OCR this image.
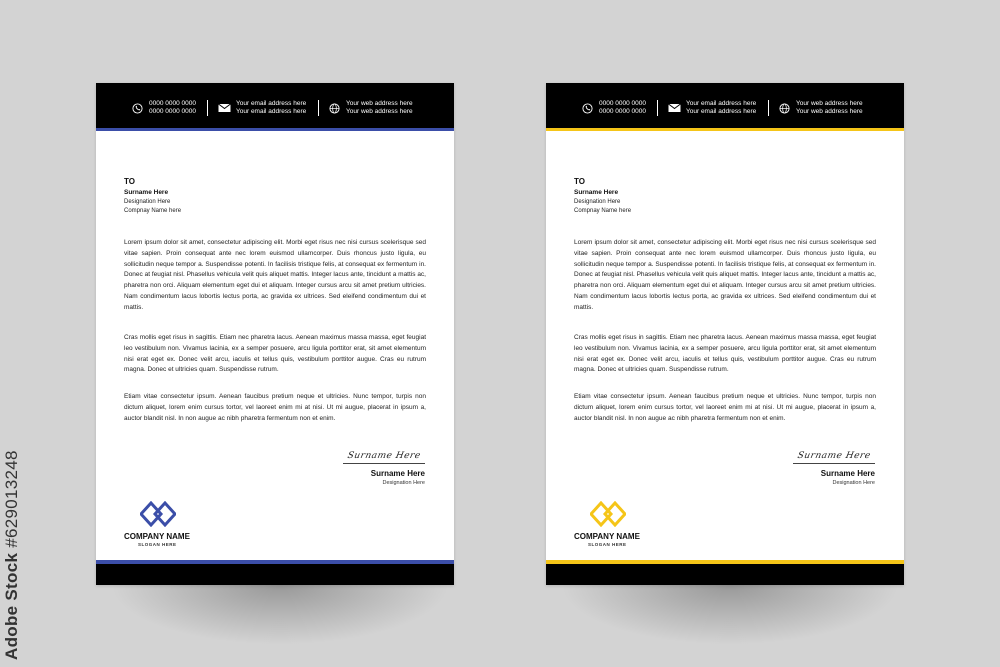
Adobe Stock #629013248
0000 0000 0000
0000 0000 0000
Your email address here
Your email address here
Your web address here
Your web address here
TO
Surname Here
Designation Here
Compnay Name here
Lorem ipsum dolor sit amet, consectetur adipiscing elit. Morbi eget risus nec nisi cursus scelerisque sed vitae sapien. Proin consequat ante nec lorem euismod ullamcorper. Duis rhoncus justo ligula, eu sollicitudin neque tempor a. Suspendisse potenti. In facilisis tristique felis, at consequat ex fermentum in. Donec at feugiat nisl. Phasellus vehicula velit quis aliquet mattis. Integer lacus ante, tincidunt a mattis ac, pharetra non orci. Aliquam elementum eget dui et aliquam. Integer cursus arcu sit amet pretium ultricies. Nam condimentum lacus lobortis lectus porta, ac gravida ex ultrices. Sed eleifend condimentum dui et mattis.
Cras mollis eget risus in sagittis. Etiam nec pharetra lacus. Aenean maximus massa massa, eget feugiat leo vestibulum non. Vivamus lacinia, ex a semper posuere, arcu ligula porttitor erat, sit amet elementum nisi erat eget ex. Donec velit arcu, iaculis et tellus quis, vestibulum porttitor augue. Cras eu rutrum magna. Donec et ultricies quam. Suspendisse rutrum.
Etiam vitae consectetur ipsum. Aenean faucibus pretium neque et ultricies. Nunc tempor, turpis non dictum aliquet, lorem enim cursus tortor, vel laoreet enim mi at nisi. Ut mi augue, placerat in ipsum a, auctor blandit nisl. In non augue ac nibh pharetra fermentum non et enim.
Surname Here
Surname Here
Designation Here
COMPANY NAME
SLOGAN HERE
0000 0000 0000
0000 0000 0000
Your email address here
Your email address here
Your web address here
Your web address here
TO
Surname Here
Designation Here
Compnay Name here
Lorem ipsum dolor sit amet, consectetur adipiscing elit. Morbi eget risus nec nisi cursus scelerisque sed vitae sapien. Proin consequat ante nec lorem euismod ullamcorper. Duis rhoncus justo ligula, eu sollicitudin neque tempor a. Suspendisse potenti. In facilisis tristique felis, at consequat ex fermentum in. Donec at feugiat nisl. Phasellus vehicula velit quis aliquet mattis. Integer lacus ante, tincidunt a mattis ac, pharetra non orci. Aliquam elementum eget dui et aliquam. Integer cursus arcu sit amet pretium ultricies. Nam condimentum lacus lobortis lectus porta, ac gravida ex ultrices. Sed eleifend condimentum dui et mattis.
Cras mollis eget risus in sagittis. Etiam nec pharetra lacus. Aenean maximus massa massa, eget feugiat leo vestibulum non. Vivamus lacinia, ex a semper posuere, arcu ligula porttitor erat, sit amet elementum nisi erat eget ex. Donec velit arcu, iaculis et tellus quis, vestibulum porttitor augue. Cras eu rutrum magna. Donec et ultricies quam. Suspendisse rutrum.
Etiam vitae consectetur ipsum. Aenean faucibus pretium neque et ultricies. Nunc tempor, turpis non dictum aliquet, lorem enim cursus tortor, vel laoreet enim mi at nisi. Ut mi augue, placerat in ipsum a, auctor blandit nisl. In non augue ac nibh pharetra fermentum non et enim.
Surname Here
Surname Here
Designation Here
COMPANY NAME
SLOGAN HERE
